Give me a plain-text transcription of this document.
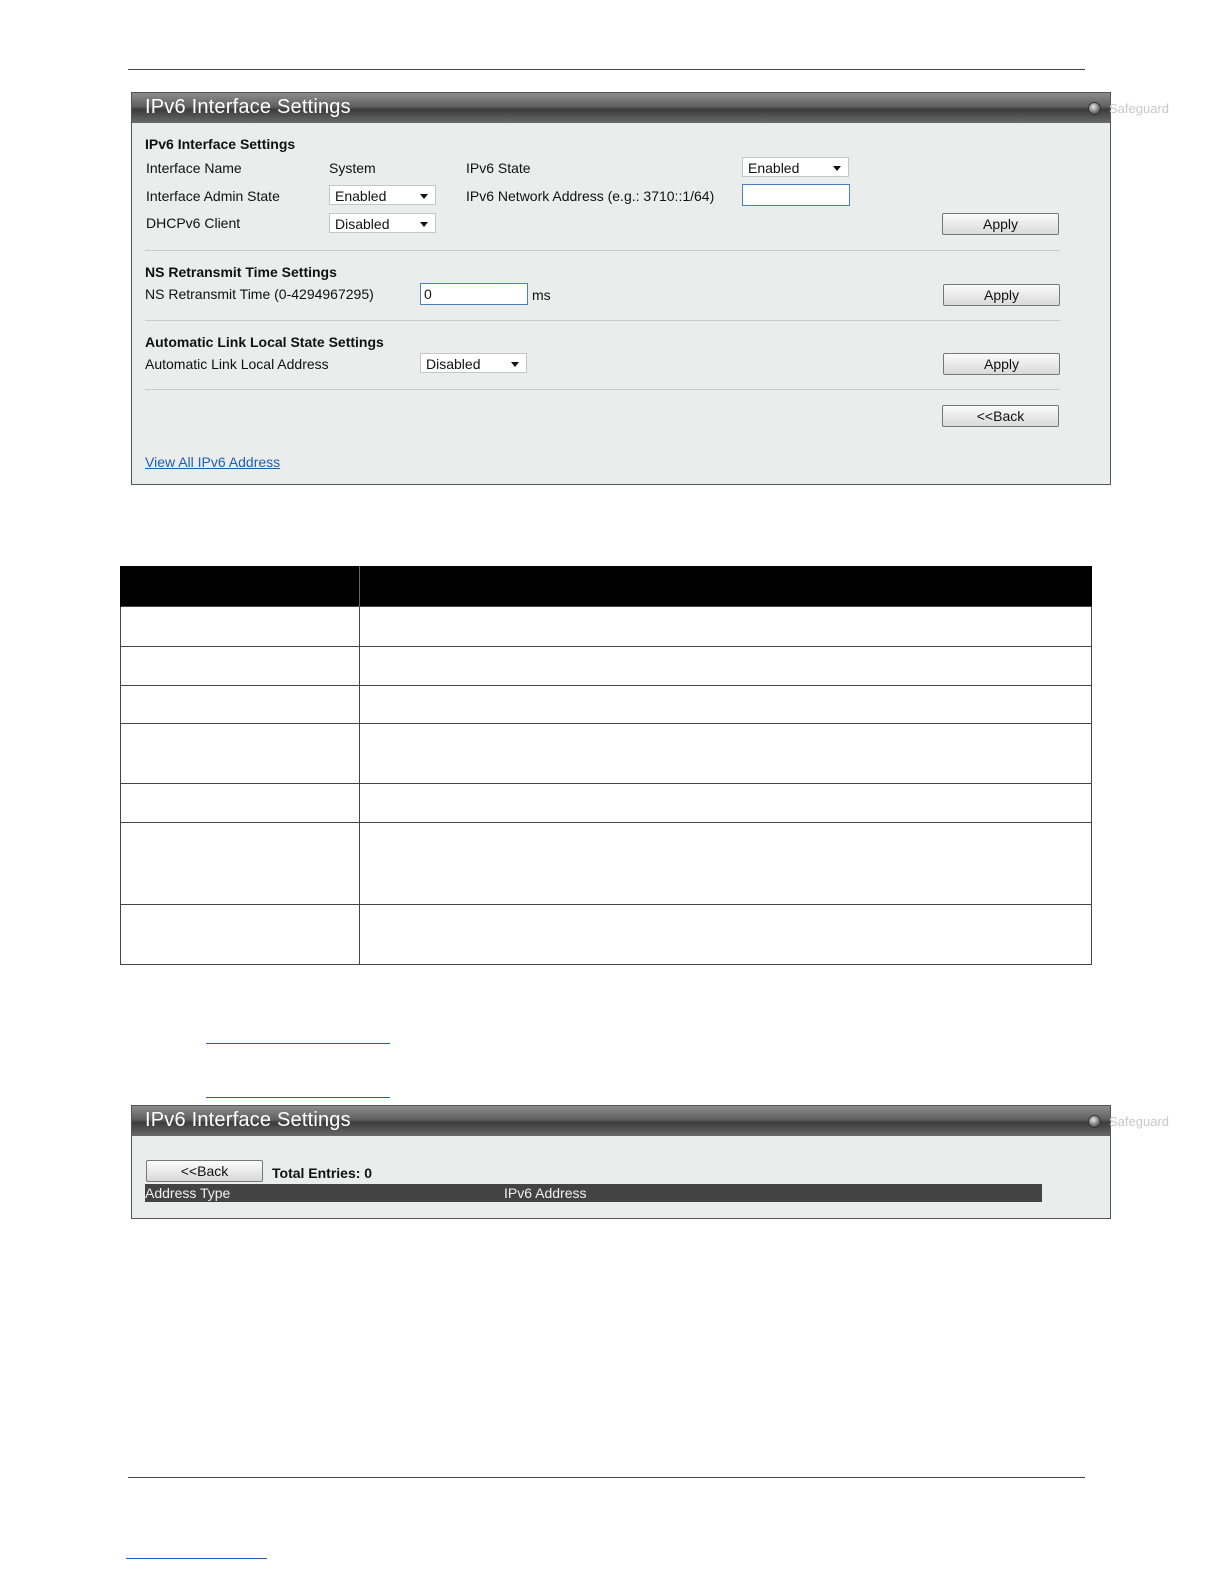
IPv6 Interface Settings	Safeguard
IPv6 Interface Settings
Interface Name	System	IPv6 State	Enabled
Interface Admin State	Enabled	IPv6 Network Address (e.g.: 3710::1/64)
DHCPv6 Client	Disabled	Apply
NS Retransmit Time Settings
NS Retransmit Time (0-4294967295)	0	ms	Apply
Automatic Link Local State Settings
Automatic Link Local Address	Disabled	Apply
<<Back
View All IPv6 Address

IPv6 Interface Settings	Safeguard
<<Back	Total Entries: 0
Address Type	IPv6 Address
